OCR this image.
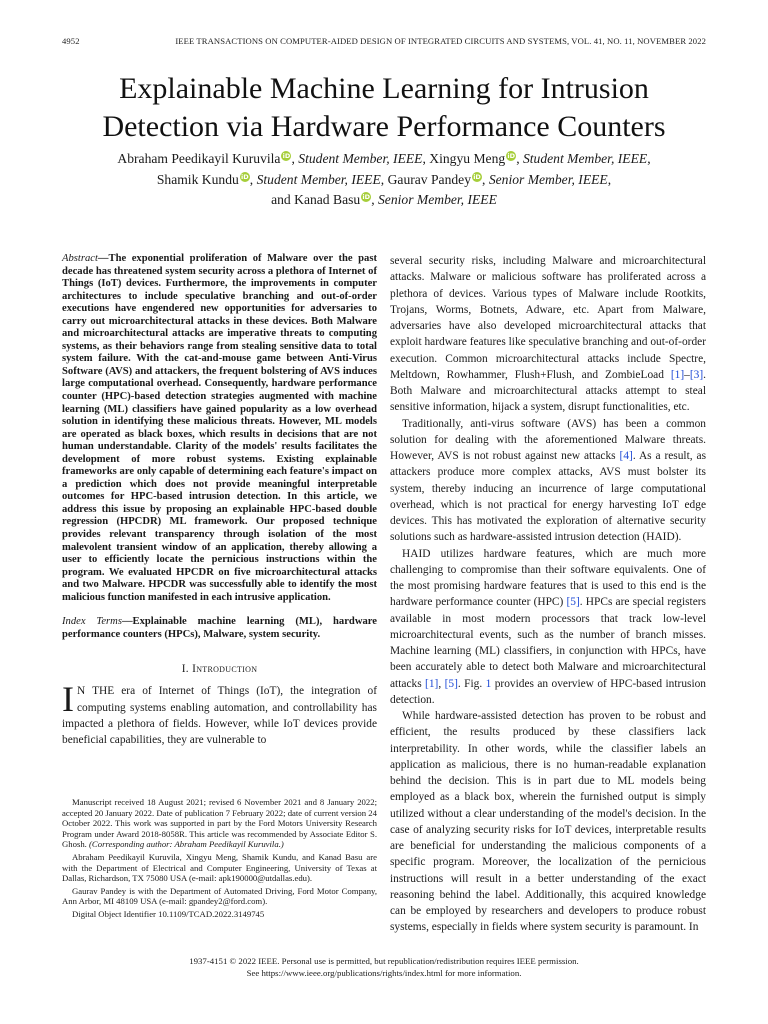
4952	IEEE TRANSACTIONS ON COMPUTER-AIDED DESIGN OF INTEGRATED CIRCUITS AND SYSTEMS, VOL. 41, NO. 11, NOVEMBER 2022
Explainable Machine Learning for Intrusion
Detection via Hardware Performance Counters
Abraham Peedikayil Kuruvila iD, Student Member, IEEE, Xingyu Meng iD, Student Member, IEEE,
Shamik Kundu iD, Student Member, IEEE, Gaurav Pandey iD, Senior Member, IEEE,
and Kanad Basu iD, Senior Member, IEEE

Abstract—The exponential proliferation of Malware over the past decade has threatened system security across a plethora of Internet of Things (IoT) devices. Furthermore, the improvements in computer architectures to include speculative branching and out-of-order executions have engendered new opportunities for adversaries to carry out microarchitectural attacks in these devices. Both Malware and microarchitectural attacks are imperative threats to computing systems, as their behaviors range from stealing sensitive data to total system failure. With the cat-and-mouse game between Anti-Virus Software (AVS) and attackers, the frequent bolstering of AVS induces large computational overhead. Consequently, hardware performance counter (HPC)-based detection strategies augmented with machine learning (ML) classifiers have gained popularity as a low overhead solution in identifying these malicious threats. However, ML models are operated as black boxes, which results in decisions that are not human understandable. Clarity of the models' results facilitates the development of more robust systems. Existing explainable frameworks are only capable of determining each feature's impact on a prediction which does not provide meaningful interpretable outcomes for HPC-based intrusion detection. In this article, we address this issue by proposing an explainable HPC-based double regression (HPCDR) ML framework. Our proposed technique provides relevant transparency through isolation of the most malevolent transient window of an application, thereby allowing a user to efficiently locate the pernicious instructions within the program. We evaluated HPCDR on five microarchitectural attacks and two Malware. HPCDR was successfully able to identify the most malicious function manifested in each intrusive application.

Index Terms—Explainable machine learning (ML), hardware performance counters (HPCs), Malware, system security.

I. Introduction

I N THE era of Internet of Things (IoT), the integration of computing systems enabling automation, and controllability has impacted a plethora of fields. However, while IoT devices provide beneficial capabilities, they are vulnerable to

Manuscript received 18 August 2021; revised 6 November 2021 and 8 January 2022; accepted 20 January 2022. Date of publication 7 February 2022; date of current version 24 October 2022. This work was supported in part by the Ford Motors University Research Program under Award 2018-8058R. This article was recommended by Associate Editor S. Ghosh. (Corresponding author: Abraham Peedikayil Kuruvila.)

Abraham Peedikayil Kuruvila, Xingyu Meng, Shamik Kundu, and Kanad Basu are with the Department of Electrical and Computer Engineering, University of Texas at Dallas, Richardson, TX 75080 USA (e-mail: apk190000@utdallas.edu).

Gaurav Pandey is with the Department of Automated Driving, Ford Motor Company, Ann Arbor, MI 48109 USA (e-mail: gpandey2@ford.com).

Digital Object Identifier 10.1109/TCAD.2022.3149745

several security risks, including Malware and microarchitectural attacks. Malware or malicious software has proliferated across a plethora of devices. Various types of Malware include Rootkits, Trojans, Worms, Botnets, Adware, etc. Apart from Malware, adversaries have also developed microarchitectural attacks that exploit hardware features like speculative branching and out-of-order execution. Common microarchitectural attacks include Spectre, Meltdown, Rowhammer, Flush+Flush, and ZombieLoad [1]–[3]. Both Malware and microarchitectural attacks attempt to steal sensitive information, hijack a system, disrupt functionalities, etc.

Traditionally, anti-virus software (AVS) has been a common solution for dealing with the aforementioned Malware threats. However, AVS is not robust against new attacks [4]. As a result, as attackers produce more complex attacks, AVS must bolster its system, thereby inducing an incurrence of large computational overhead, which is not practical for energy harvesting IoT edge devices. This has motivated the exploration of alternative security solutions such as hardware-assisted intrusion detection (HAID).

HAID utilizes hardware features, which are much more challenging to compromise than their software equivalents. One of the most promising hardware features that is used to this end is the hardware performance counter (HPC) [5]. HPCs are special registers available in most modern processors that track low-level microarchitectural events, such as the number of branch misses. Machine learning (ML) classifiers, in conjunction with HPCs, have been accurately able to detect both Malware and microarchitectural attacks [1], [5]. Fig. 1 provides an overview of HPC-based intrusion detection.

While hardware-assisted detection has proven to be robust and efficient, the results produced by these classifiers lack interpretability. In other words, while the classifier labels an application as malicious, there is no human-readable explanation behind the decision. This is in part due to ML models being employed as a black box, wherein the furnished output is simply utilized without a clear understanding of the model's decision. In the case of analyzing security risks for IoT devices, interpretable results are beneficial for understanding the malicious components of a specific program. Moreover, the localization of the pernicious instructions will result in a better understanding of the exact reasoning behind the label. Additionally, this acquired knowledge can be employed by researchers and developers to produce robust systems, especially in fields where system security is paramount. In

1937-4151 © 2022 IEEE. Personal use is permitted, but republication/redistribution requires IEEE permission.
See https://www.ieee.org/publications/rights/index.html for more information.
